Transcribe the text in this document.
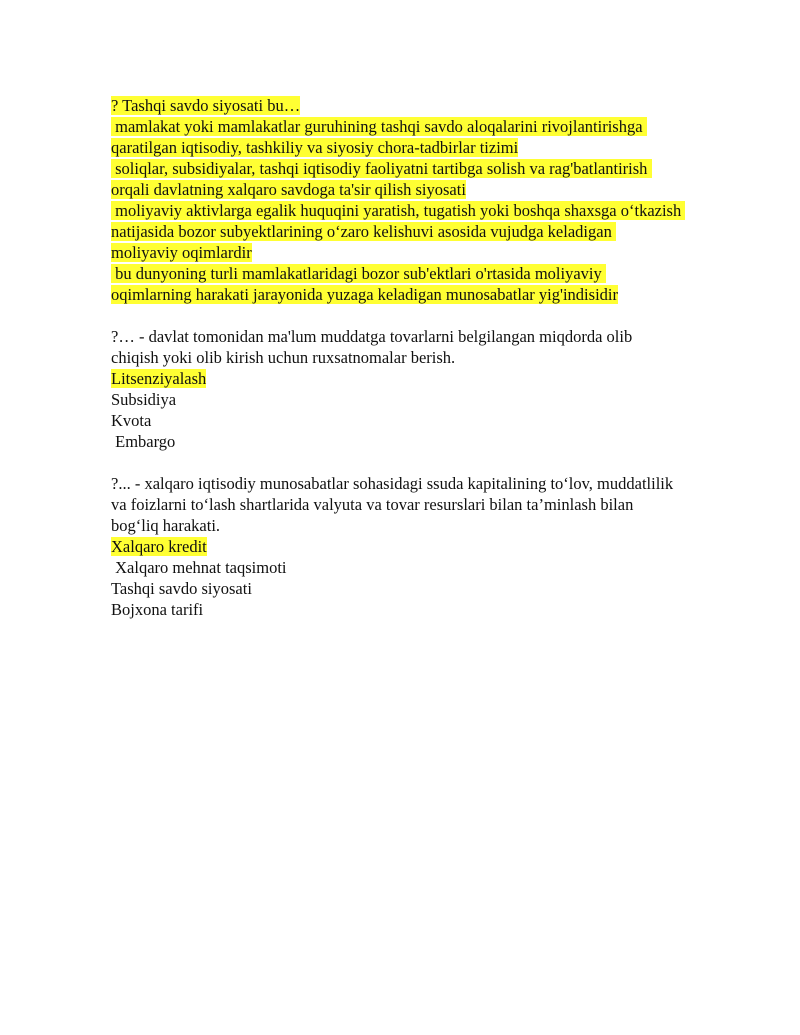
? Tashqi savdo siyosati bu…
mamlakat yoki mamlakatlar guruhining tashqi savdo aloqalarini rivojlantirishga
qaratilgan iqtisodiy, tashkiliy va siyosiy chora-tadbirlar tizimi
soliqlar, subsidiyalar, tashqi iqtisodiy faoliyatni tartibga solish va rag'batlantirish
orqali davlatning xalqaro savdoga ta'sir qilish siyosati
moliyaviy aktivlarga egalik huquqini yaratish, tugatish yoki boshqa shaxsga o‘tkazish
natijasida bozor subyektlarining o‘zaro kelishuvi asosida vujudga keladigan
moliyaviy oqimlardir
bu dunyoning turli mamlakatlaridagi bozor sub'ektlari o'rtasida moliyaviy
oqimlarning harakati jarayonida yuzaga keladigan munosabatlar yig'indisidir
?… - davlat tomonidan ma'lum muddatga tovarlarni belgilangan miqdorda olib
chiqish yoki olib kirish uchun ruxsatnomalar berish.
Litsenziyalash
Subsidiya
Kvota
Embargo
?... - xalqaro iqtisodiy munosabatlar sohasidagi ssuda kapitalining to‘lov, muddatlilik
va foizlarni to‘lash shartlarida valyuta va tovar resurslari bilan ta’minlash bilan
bog‘liq harakati.
Xalqaro kredit
Xalqaro mehnat taqsimoti
Tashqi savdo siyosati
Bojxona tarifi
